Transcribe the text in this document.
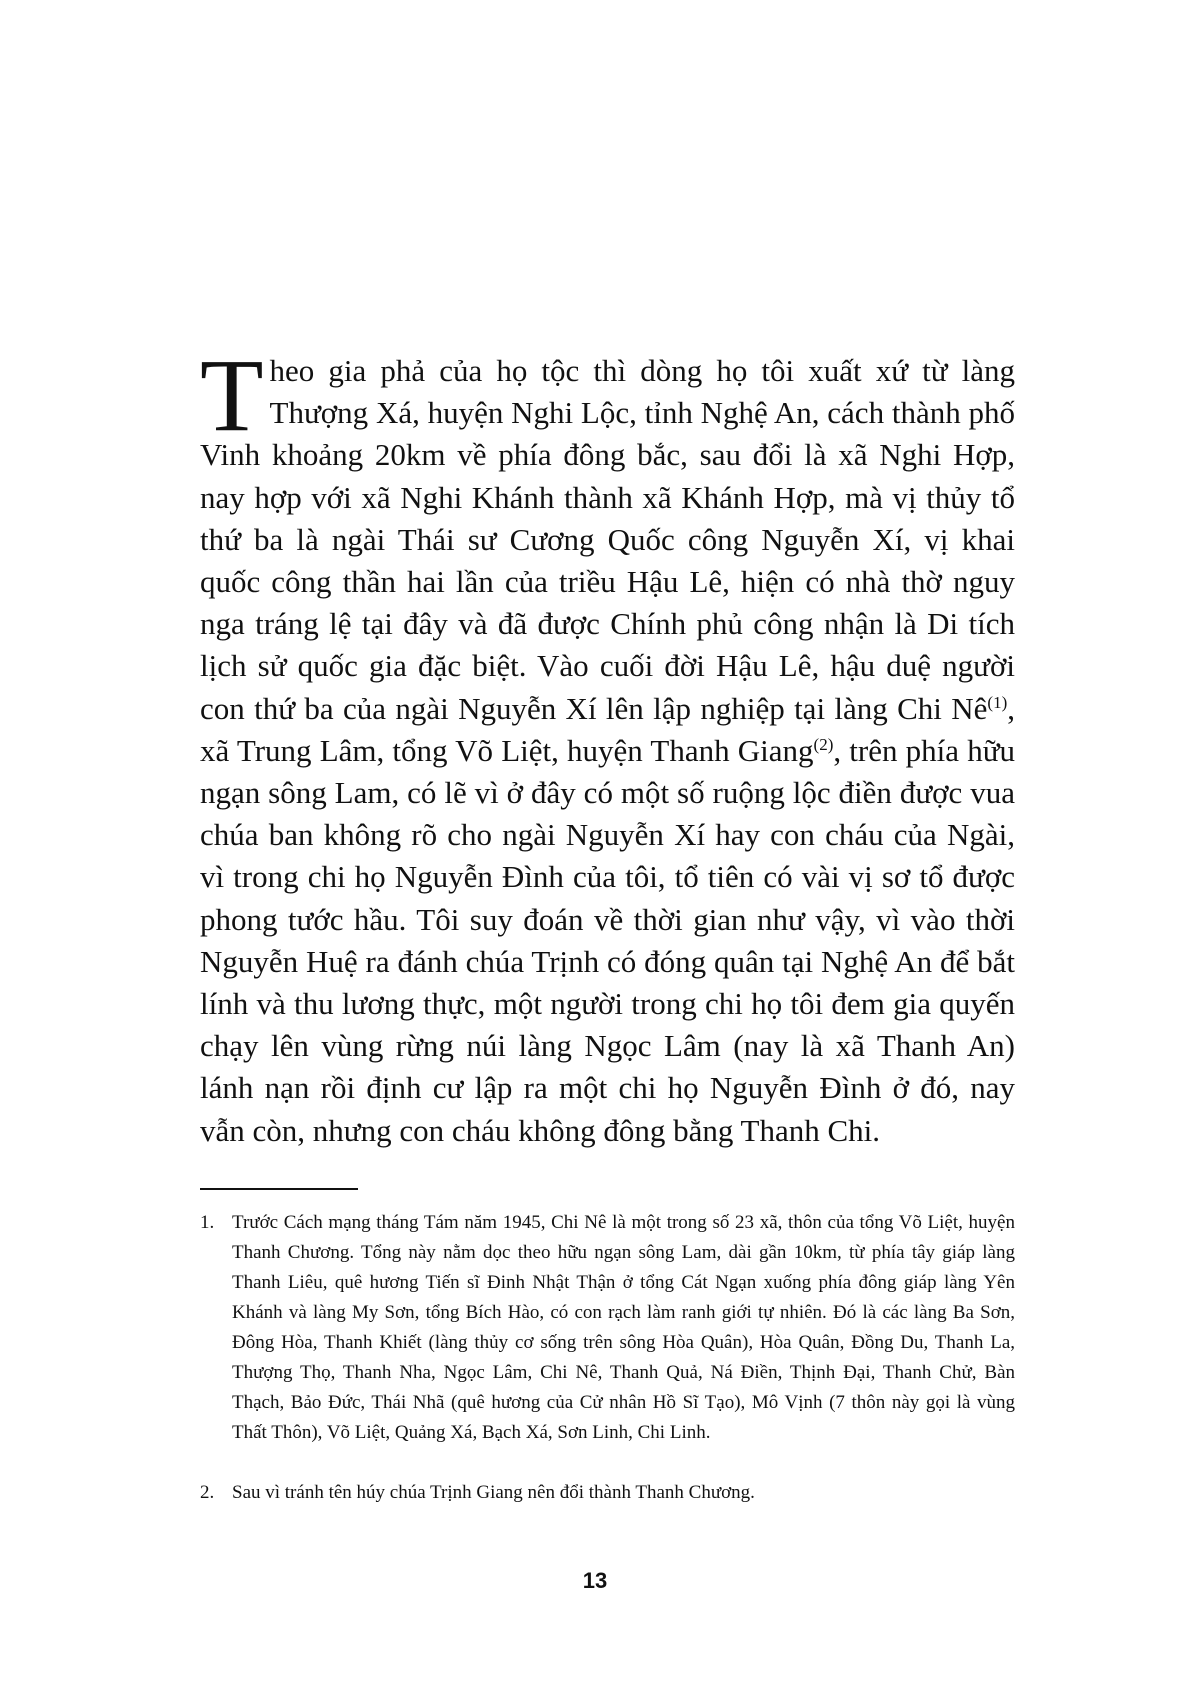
Theo gia phả của họ tộc thì dòng họ tôi xuất xứ từ làng Thượng Xá, huyện Nghi Lộc, tỉnh Nghệ An, cách thành phố Vinh khoảng 20km về phía đông bắc, sau đổi là xã Nghi Hợp, nay hợp với xã Nghi Khánh thành xã Khánh Hợp, mà vị thủy tổ thứ ba là ngài Thái sư Cương Quốc công Nguyễn Xí, vị khai quốc công thần hai lần của triều Hậu Lê, hiện có nhà thờ nguy nga tráng lệ tại đây và đã được Chính phủ công nhận là Di tích lịch sử quốc gia đặc biệt. Vào cuối đời Hậu Lê, hậu duệ người con thứ ba của ngài Nguyễn Xí lên lập nghiệp tại làng Chi $Nê^{(1)}$, xã Trung Lâm, tổng Võ Liệt, huyện Thanh Giang$^{(2)}$, trên phía hữu ngạn sông Lam, có lẽ vì ở đây có một số ruộng lộc điền được vua chúa ban không rõ cho ngài Nguyễn Xí hay con cháu của Ngài, vì trong chi họ Nguyễn Đình của tôi, tổ tiên có vài vị sơ tổ được phong tước hầu. Tôi suy đoán về thời gian như vậy, vì vào thời Nguyễn Huệ ra đánh chúa Trịnh có đóng quân tại Nghệ An để bắt lính và thu lương thực, một người trong chi họ tôi đem gia quyến chạy lên vùng rừng núi làng Ngọc Lâm (nay là xã Thanh An) lánh nạn rồi định cư lập ra một chi họ Nguyễn Đình ở đó, nay vẫn còn, nhưng con cháu không đông bằng Thanh Chi.

1. Trước Cách mạng tháng Tám năm 1945, Chi Nê là một trong số 23 xã, thôn của tổng Võ Liệt, huyện Thanh Chương. Tổng này nằm dọc theo hữu ngạn sông Lam, dài gần 10km, từ phía tây giáp làng Thanh Liêu, quê hương Tiến sĩ Đinh Nhật Thận ở tổng Cát Ngạn xuống phía đông giáp làng Yên Khánh và làng My Sơn, tổng Bích Hào, có con rạch làm ranh giới tự nhiên. Đó là các làng Ba Sơn, Đông Hòa, Thanh Khiết (làng thủy cơ sống trên sông Hòa Quân), Hòa Quân, Đồng Du, Thanh La, Thượng Thọ, Thanh Nha, Ngọc Lâm, Chi Nê, Thanh Quả, Ná Điền, Thịnh Đại, Thanh Chử, Bàn Thạch, Bảo Đức, Thái Nhã (quê hương của Cử nhân Hồ Sĩ Tạo), Mô Vịnh (7 thôn này gọi là vùng Thất Thôn), Võ Liệt, Quảng Xá, Bạch Xá, Sơn Linh, Chi Linh.
2. Sau vì tránh tên húy chúa Trịnh Giang nên đổi thành Thanh Chương.
13
